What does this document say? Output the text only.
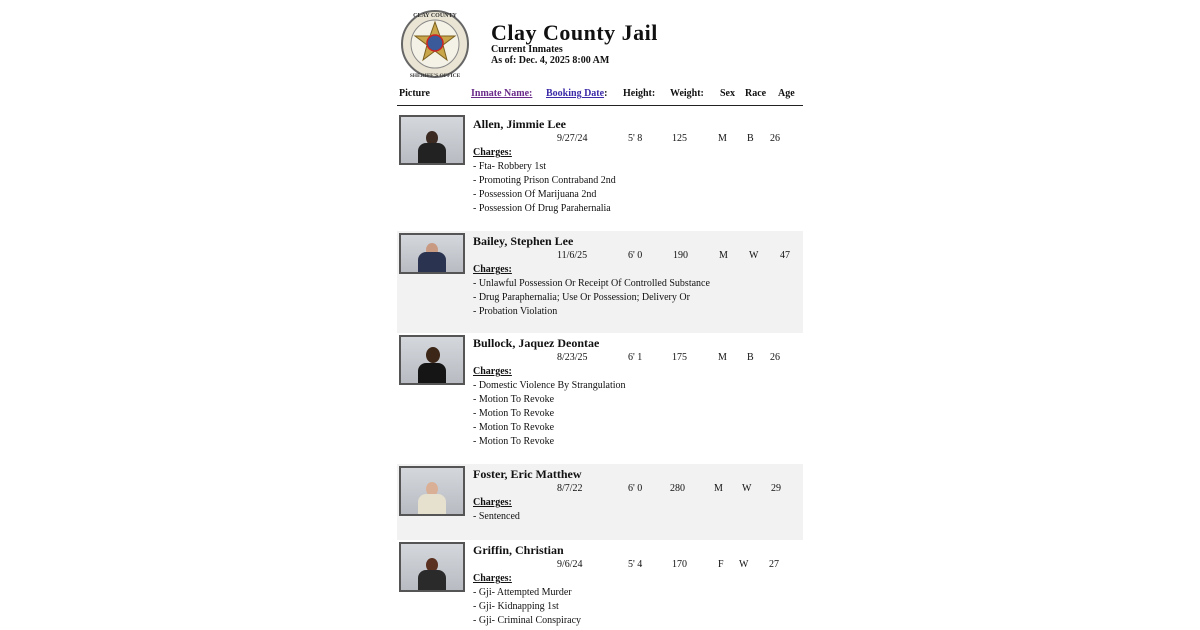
CLAY COUNTY
SHERIFF'S OFFICE
Clay County Jail
Current Inmates
As of: Dec. 4, 2025 8:00 AM
Picture	Inmate Name: Booking Date: Height: Weight: Sex Race Age
Allen, Jimmie Lee
9/27/24	5' 8	125	M B 26
Charges:
- Fta- Robbery 1st
- Promoting Prison Contraband 2nd
- Possession Of Marijuana 2nd
- Possession Of Drug Parahernalia
Bailey, Stephen Lee
11/6/25	6' 0	190	M W 47
Charges:
- Unlawful Possession Or Receipt Of Controlled Substance
- Drug Paraphernalia; Use Or Possession; Delivery Or
- Probation Violation
Bullock, Jaquez Deontae
8/23/25	6' 1	175	M B 26
Charges:
- Domestic Violence By Strangulation
- Motion To Revoke
- Motion To Revoke
- Motion To Revoke
- Motion To Revoke
Foster, Eric Matthew
8/7/22	6' 0	280	M W 29
Charges:
- Sentenced
Griffin, Christian
9/6/24	5' 4	170	F W 27
Charges:
- Gji- Attempted Murder
- Gji- Kidnapping 1st
- Gji- Criminal Conspiracy
